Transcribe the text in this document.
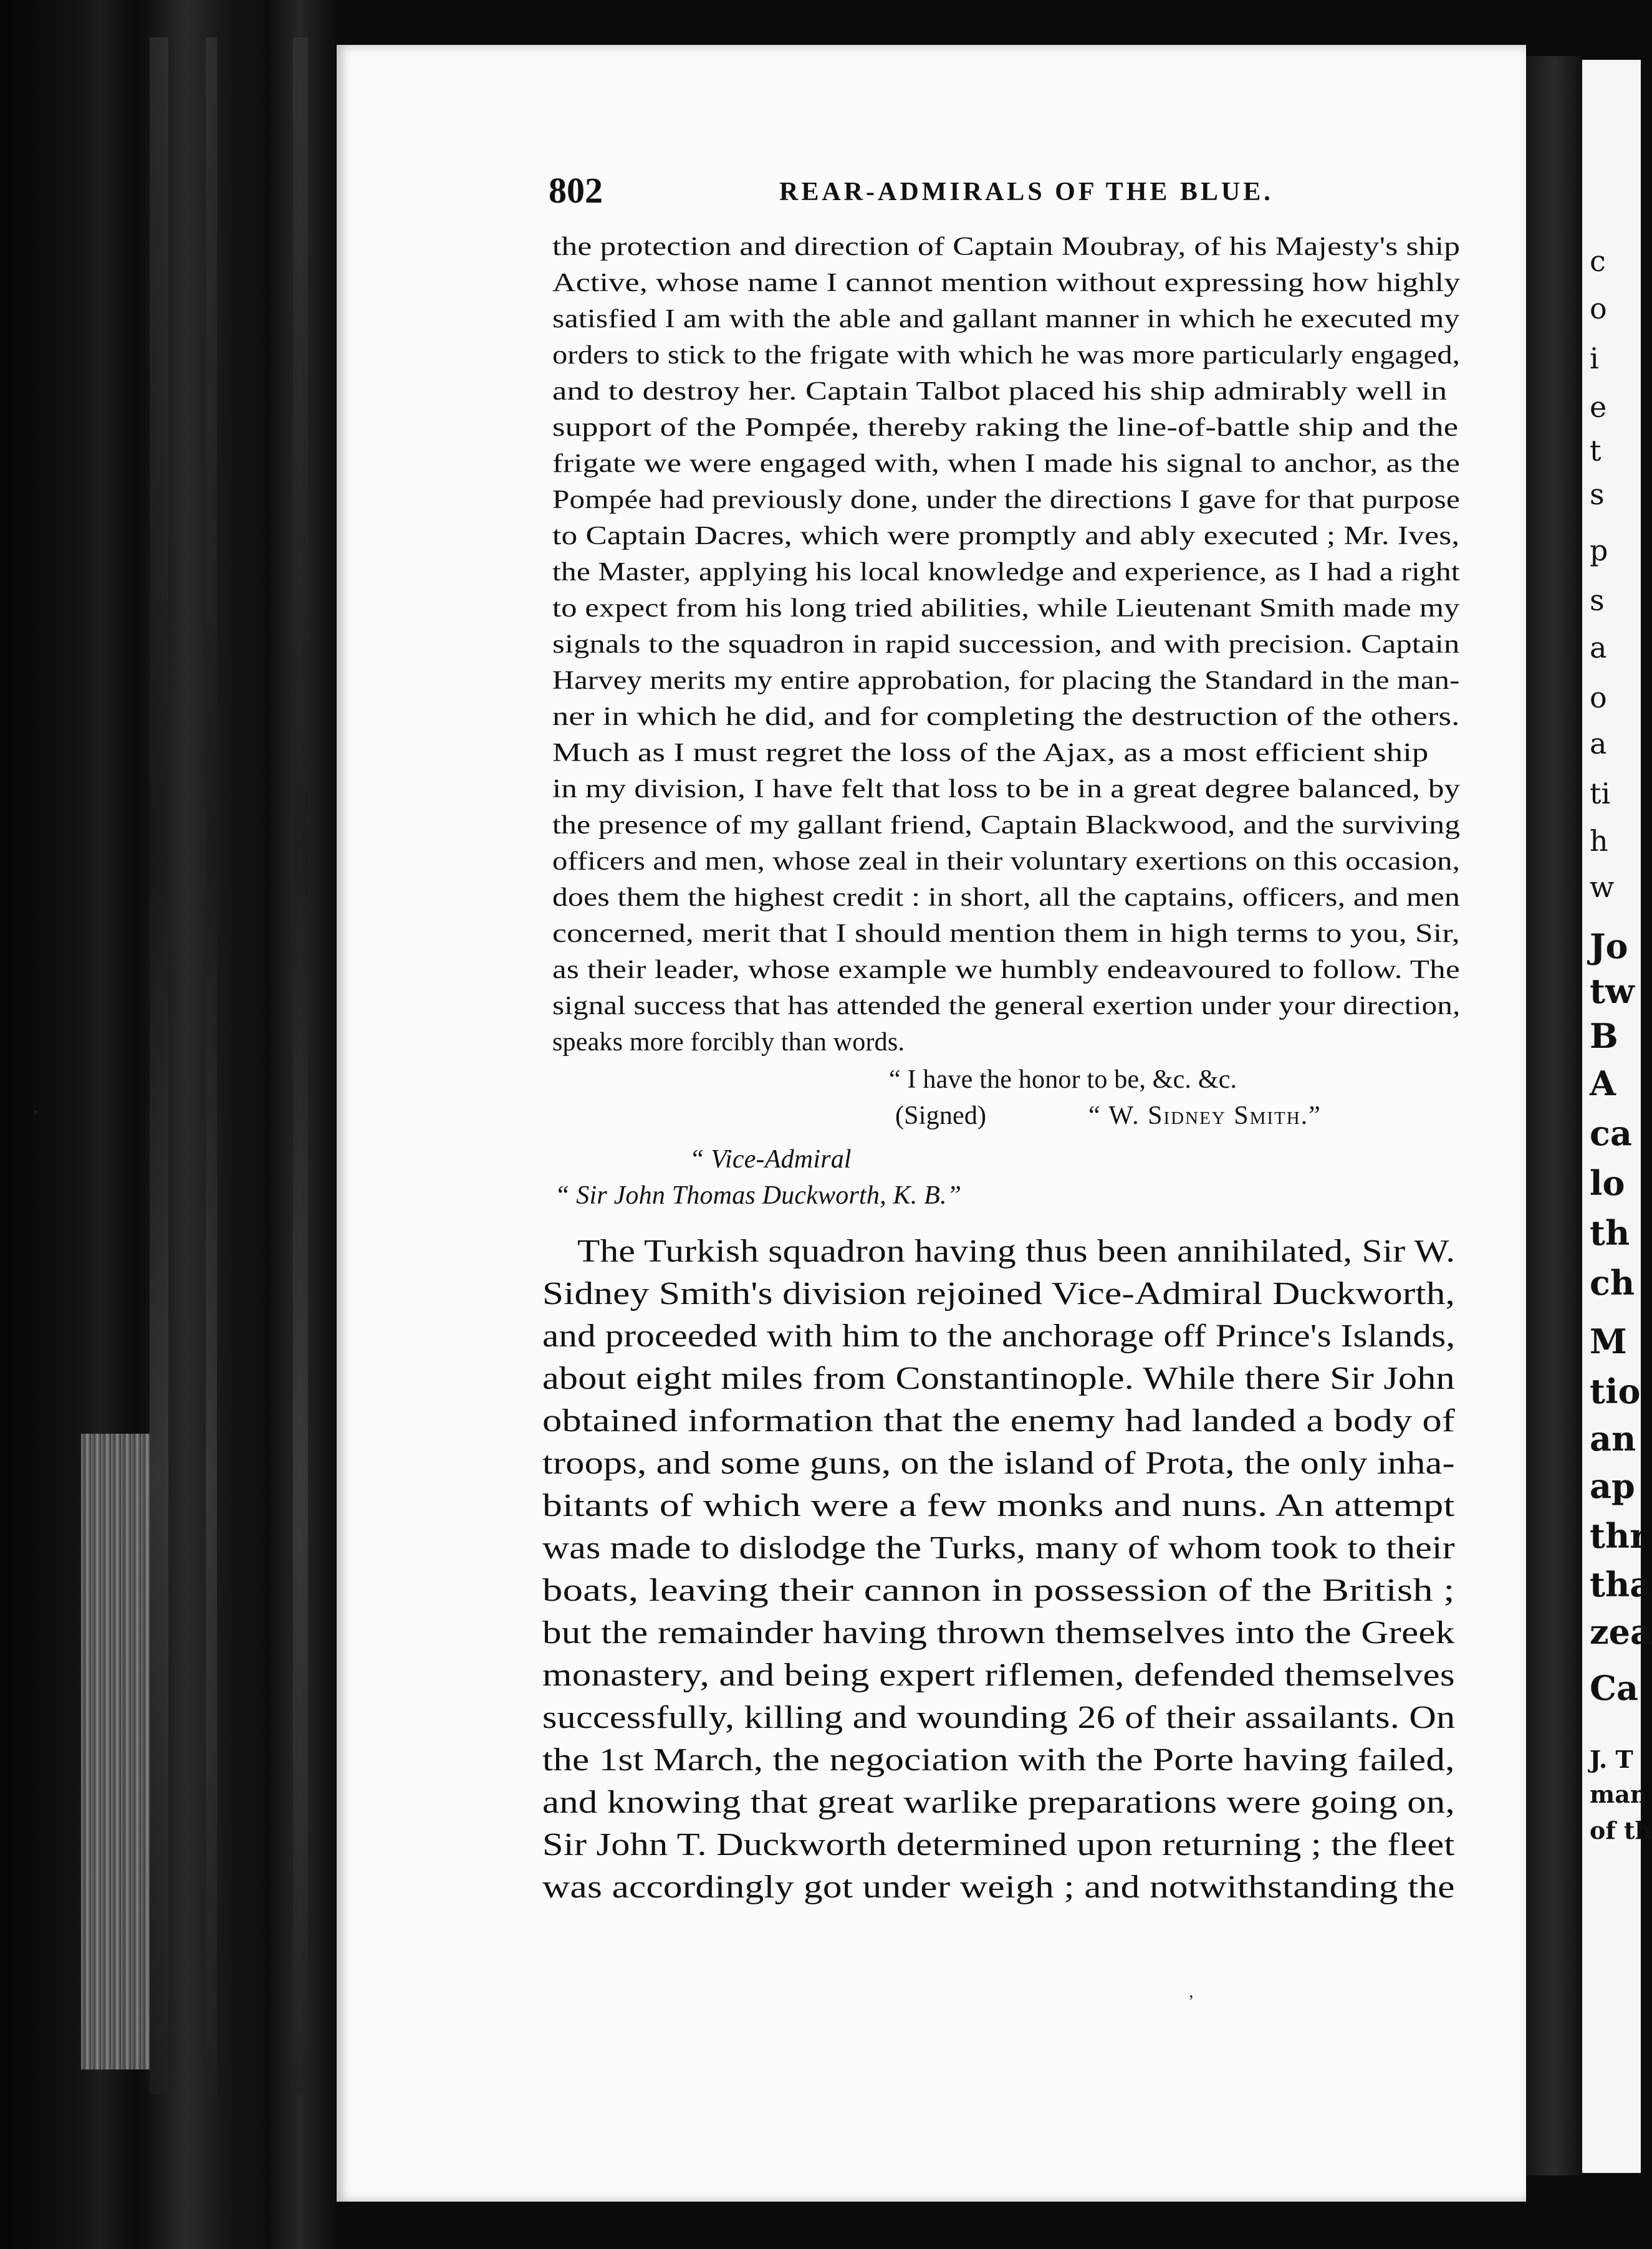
c
o
i
e
t
s
p
s
a
o
a
ti
h
w
Jo
tw
B
A
ca
lo
th
ch
M
tio
an
ap
thr
tha
zea
Ca
J. T
man
of th
802	REAR-ADMIRALS OF THE BLUE.
the protection and direction of Captain Moubray, of his Majesty's ship
Active, whose name I cannot mention without expressing how highly
satisfied I am with the able and gallant manner in which he executed my
orders to stick to the frigate with which he was more particularly engaged,
and to destroy her. Captain Talbot placed his ship admirably well in
support of the Pompée, thereby raking the line-of-battle ship and the
frigate we were engaged with, when I made his signal to anchor, as the
Pompée had previously done, under the directions I gave for that purpose
to Captain Dacres, which were promptly and ably executed ; Mr. Ives,
the Master, applying his local knowledge and experience, as I had a right
to expect from his long tried abilities, while Lieutenant Smith made my
signals to the squadron in rapid succession, and with precision. Captain
Harvey merits my entire approbation, for placing the Standard in the man-
ner in which he did, and for completing the destruction of the others.
Much as I must regret the loss of the Ajax, as a most efficient ship
in my division, I have felt that loss to be in a great degree balanced, by
the presence of my gallant friend, Captain Blackwood, and the surviving
officers and men, whose zeal in their voluntary exertions on this occasion,
does them the highest credit : in short, all the captains, officers, and men
concerned, merit that I should mention them in high terms to you, Sir,
as their leader, whose example we humbly endeavoured to follow. The
signal success that has attended the general exertion under your direction,
speaks more forcibly than words.
“ I have the honor to be, &c. &c.
(Signed)	“ W. Sidney Smith.”
“ Vice-Admiral
“ Sir John Thomas Duckworth, K. B.”
The Turkish squadron having thus been annihilated, Sir W.
Sidney Smith's division rejoined Vice-Admiral Duckworth,
and proceeded with him to the anchorage off Prince's Islands,
about eight miles from Constantinople. While there Sir John
obtained information that the enemy had landed a body of
troops, and some guns, on the island of Prota, the only inha-
bitants of which were a few monks and nuns. An attempt
was made to dislodge the Turks, many of whom took to their
boats, leaving their cannon in possession of the British ;
but the remainder having thrown themselves into the Greek
monastery, and being expert riflemen, defended themselves
successfully, killing and wounding 26 of their assailants. On
the 1st March, the negociation with the Porte having failed,
and knowing that great warlike preparations were going on,
Sir John T. Duckworth determined upon returning ; the fleet
was accordingly got under weigh ; and notwithstanding the
’
’
